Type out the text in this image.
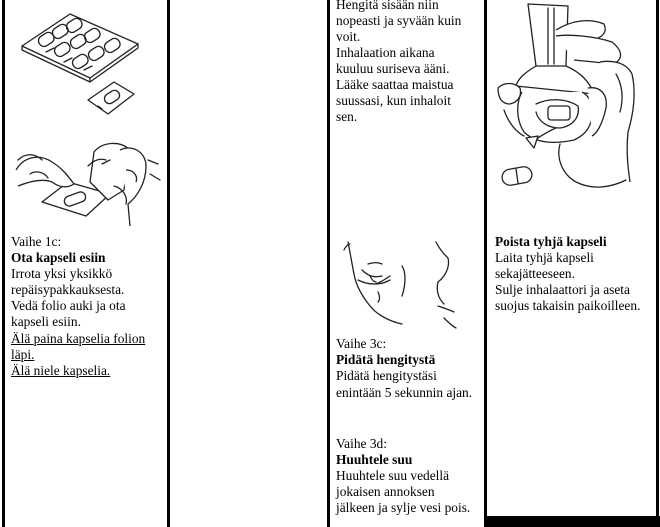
Vaihe 1c:
Ota kapseli esiin
Irrota yksi yksikkö
repäisypakkauksesta.
Vedä folio auki ja ota
kapseli esiin.
Älä paina kapselia folion
läpi.
Älä niele kapselia.
Hengitä sisään niin
nopeasti ja syvään kuin
voit.
Inhalaation aikana
kuuluu suriseva ääni.
Lääke saattaa maistua
suussasi, kun inhaloit
sen.
Vaihe 3c:
Pidätä hengitystä
Pidätä hengitystäsi
enintään 5 sekunnin ajan.
Vaihe 3d:
Huuhtele suu
Huuhtele suu vedellä
jokaisen annoksen
jälkeen ja sylje vesi pois.
Poista tyhjä kapseli
Laita tyhjä kapseli
sekajätteeseen.
Sulje inhalaattori ja aseta
suojus takaisin paikoilleen.
